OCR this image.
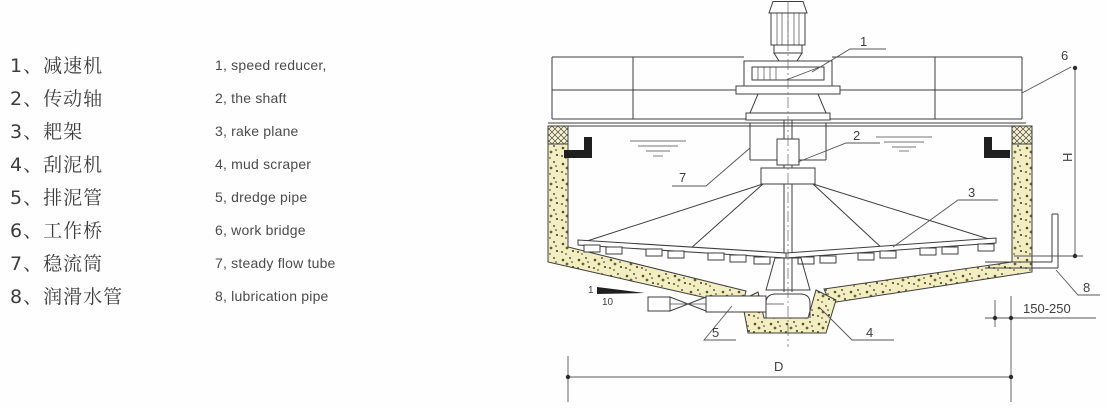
1、减速机	1, speed reducer,
2、传动轴	2, the shaft
3、耙架	3, rake plane
4、刮泥机	4, mud scraper
5、排泥管	5, dredge pipe
6、工作桥	6, work bridge
7、稳流筒	7, steady flow tube
8、润滑水管	8, lubrication pipe	1
10
1
2
3
4
5
6
7
8
H
150-250
D
